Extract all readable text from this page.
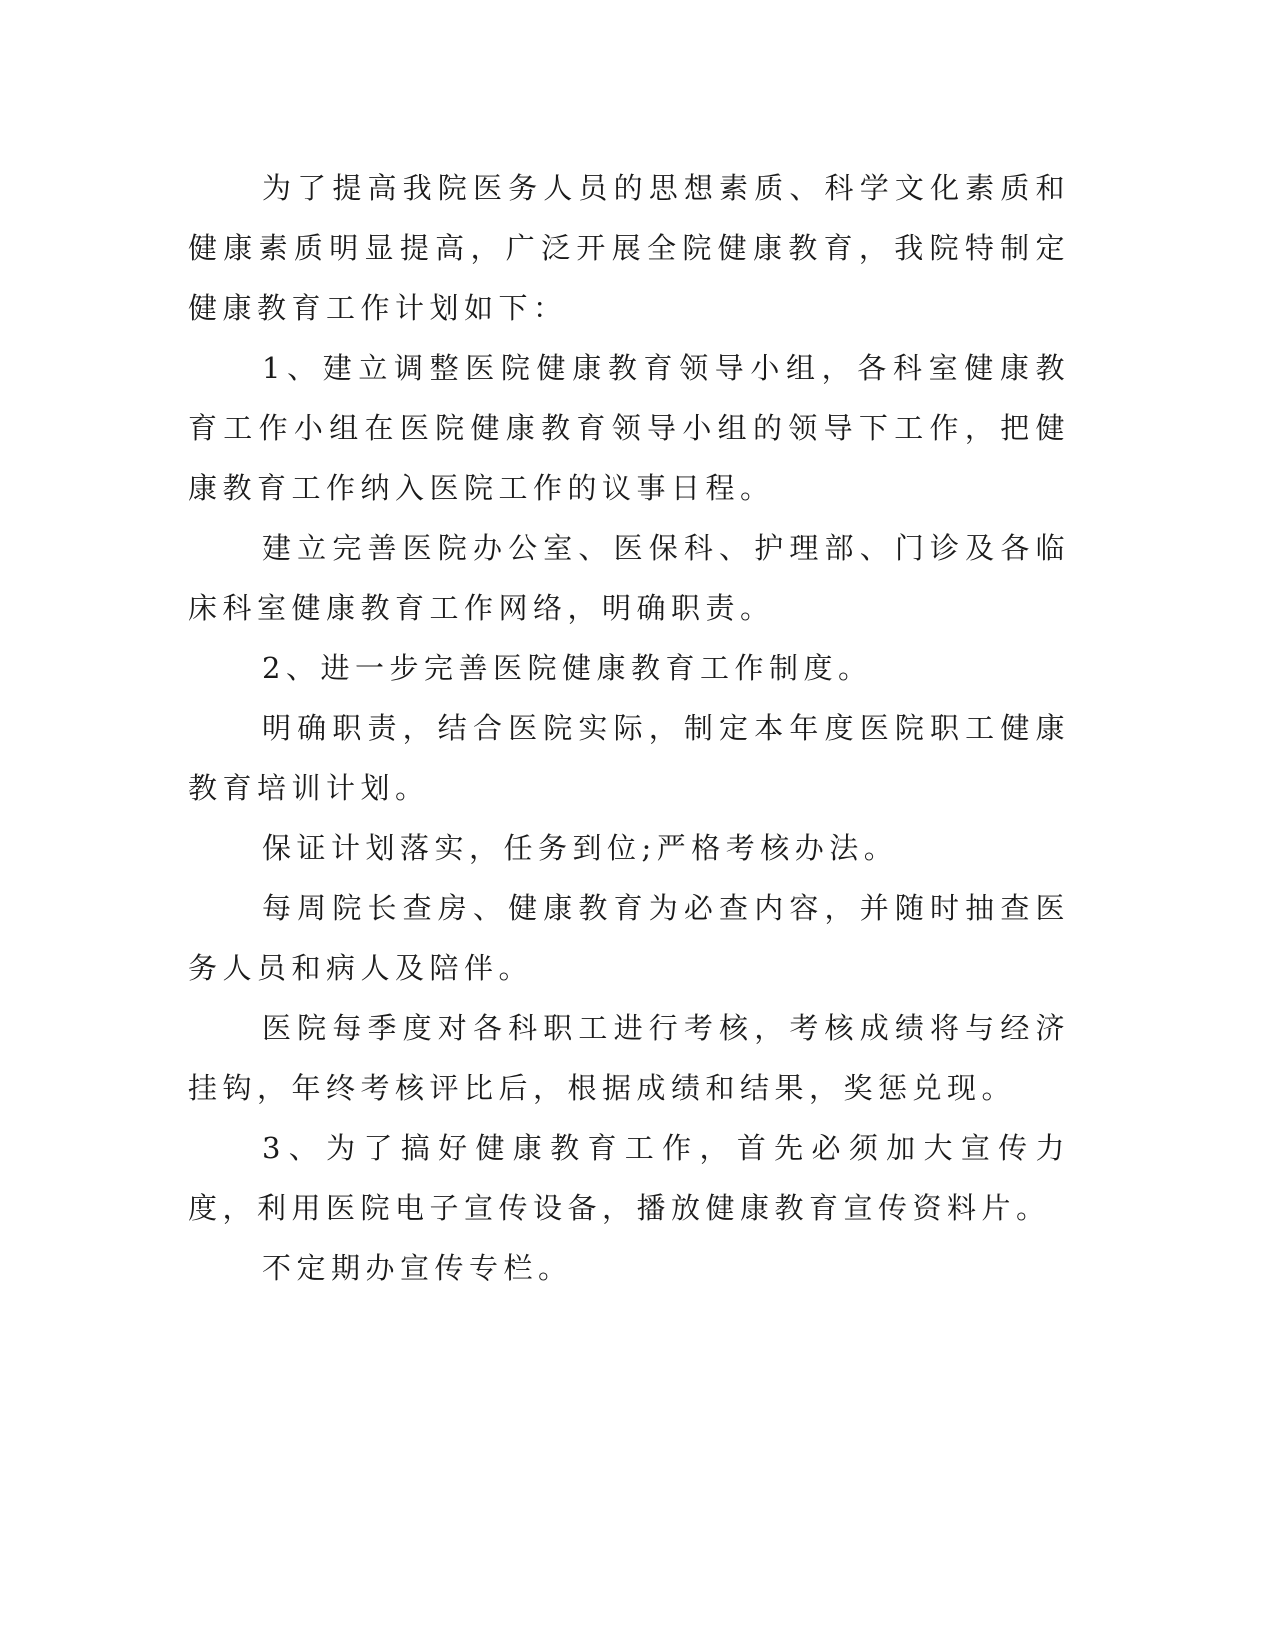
为了提高我院医务人员的思想素质、科学文化素质和健康素质明显提高，广泛开展全院健康教育，我院特制定健康教育工作计划如下：

1、建立调整医院健康教育领导小组，各科室健康教育工作小组在医院健康教育领导小组的领导下工作，把健康教育工作纳入医院工作的议事日程。

建立完善医院办公室、医保科、护理部、门诊及各临床科室健康教育工作网络，明确职责。

2、进一步完善医院健康教育工作制度。

明确职责，结合医院实际，制定本年度医院职工健康教育培训计划。

保证计划落实，任务到位;严格考核办法。

每周院长查房、健康教育为必查内容，并随时抽查医务人员和病人及陪伴。

医院每季度对各科职工进行考核，考核成绩将与经济挂钩，年终考核评比后，根据成绩和结果，奖惩兑现。

3、为了搞好健康教育工作，首先必须加大宣传力度，利用医院电子宣传设备，播放健康教育宣传资料片。

不定期办宣传专栏。
